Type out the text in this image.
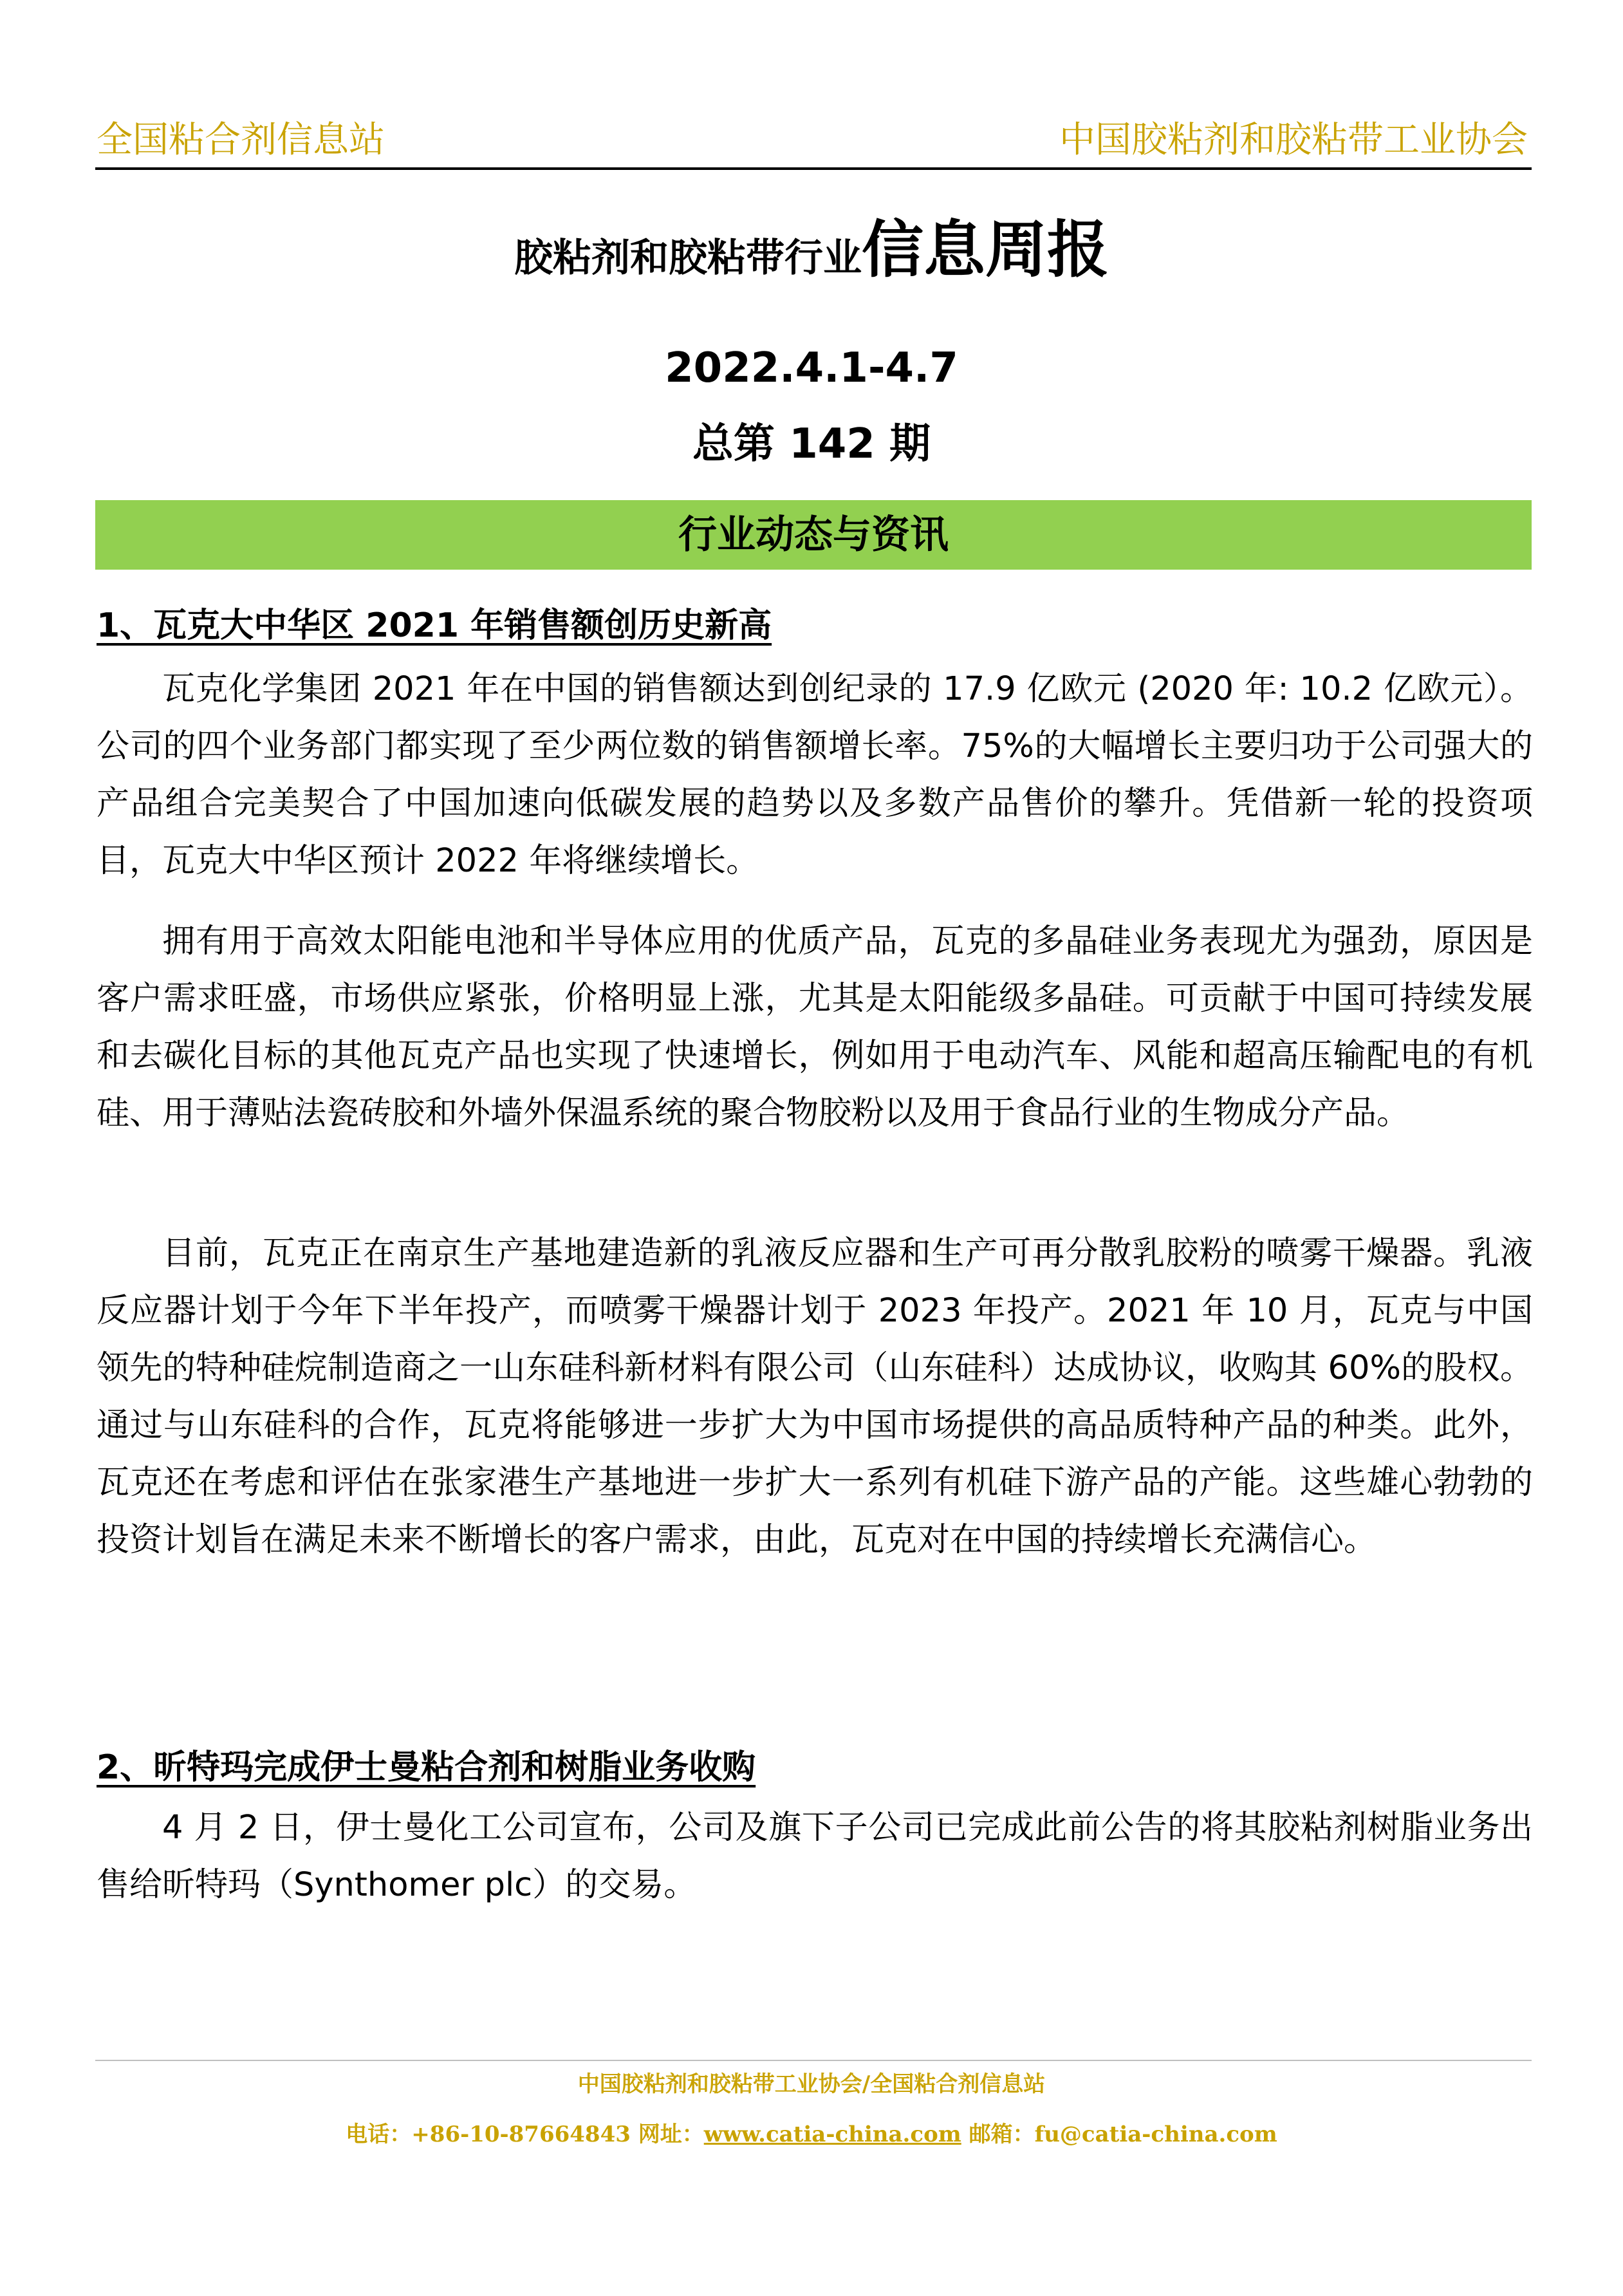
全国粘合剂信息站	中国胶粘剂和胶粘带工业协会
胶粘剂和胶粘带行业信息周报
2022.4.1-4.7
总第 142 期
行业动态与资讯
1、瓦克大中华区 2021 年销售额创历史新高

瓦克化学集团 2021 年在中国的销售额达到创纪录的 17.9 亿欧元 (2020 年: 10.2 亿欧元）。公司的四个业务部门都实现了至少两位数的销售额增长率。75%的大幅增长主要归功于公司强大的产品组合完美契合了中国加速向低碳发展的趋势以及多数产品售价的攀升。凭借新一轮的投资项目，瓦克大中华区预计 2022 年将继续增长。

拥有用于高效太阳能电池和半导体应用的优质产品，瓦克的多晶硅业务表现尤为强劲，原因是客户需求旺盛，市场供应紧张，价格明显上涨，尤其是太阳能级多晶硅。可贡献于中国可持续发展和去碳化目标的其他瓦克产品也实现了快速增长，例如用于电动汽车、风能和超高压输配电的有机硅、用于薄贴法瓷砖胶和外墙外保温系统的聚合物胶粉以及用于食品行业的生物成分产品。

目前，瓦克正在南京生产基地建造新的乳液反应器和生产可再分散乳胶粉的喷雾干燥器。乳液反应器计划于今年下半年投产，而喷雾干燥器计划于 2023 年投产。2021 年 10 月，瓦克与中国领先的特种硅烷制造商之一山东硅科新材料有限公司（山东硅科）达成协议，收购其 60%的股权。通过与山东硅科的合作，瓦克将能够进一步扩大为中国市场提供的高品质特种产品的种类。此外，瓦克还在考虑和评估在张家港生产基地进一步扩大一系列有机硅下游产品的产能。这些雄心勃勃的投资计划旨在满足未来不断增长的客户需求，由此，瓦克对在中国的持续增长充满信心。

2、昕特玛完成伊士曼粘合剂和树脂业务收购

4 月 2 日，伊士曼化工公司宣布，公司及旗下子公司已完成此前公告的将其胶粘剂树脂业务出售给昕特玛（Synthomer plc）的交易。

中国胶粘剂和胶粘带工业协会/全国粘合剂信息站
电话：+86-10-87664843 网址：www.catia-china.com 邮箱：fu@catia-china.com
